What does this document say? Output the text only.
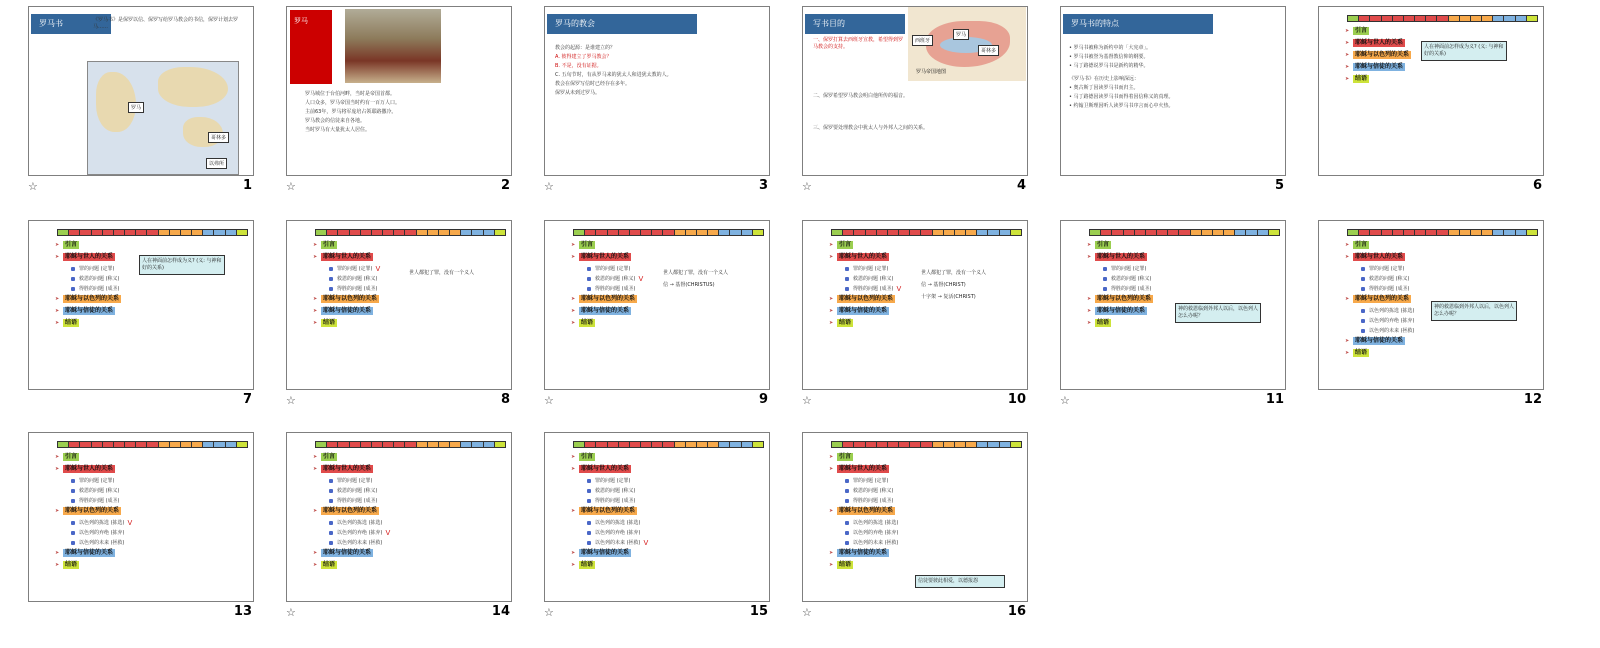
罗马书	《罗马书》是保罗以信、保罗写给罗马教会的书信，保罗计划去罗马……
罗马
哥林多
以弗所
☆	1
罗马
罗马城位于台伯河畔，当时是帝国首都。
人口众多，罗马帝国当时约有一百万人口。
主前63年，罗马将军庞培占领耶路撒冷。
罗马教会的信徒来自各地。
当时罗马有大量犹太人居住。
☆	2
罗马的教会
教会的起源：是谁建立的？
A. 彼得建立了罗马教会？
B. 不是，没有证据。
C. 五旬节时，有从罗马来的犹太人和进犹太教的人。
教会在保罗写信时已经存在多年。
保罗从未到过罗马。
☆	3
写书目的
西班牙
罗马
哥林多
罗马帝国地图
一、保罗打算去西班牙宣教，希望得到罗马教会的支持。
二、保罗希望罗马教会明白他所传的福音。
三、保罗要处理教会中犹太人与外邦人之间的关系。
☆	4
罗马书的特点
• 罗马书被称为新约中的「大宪章」。
• 罗马书被誉为基督教信仰的纲要。
• 马丁路德说罗马书是新约的精华。
《罗马书》在历史上影响深远：
• 奥古斯丁因读罗马书而归主。
• 马丁路德因读罗马书而得着因信称义的真理。
• 约翰卫斯理因听人读罗马书序言而心中火热。
5
➤ 引言
➤ 耶稣与世人的关系
➤ 耶稣与以色列的关系
➤ 耶稣与信徒的关系
➤ 结语
人在神面前怎样成为义? (义: 与神和好的关系)
6
➤ 引言
➤ 耶稣与世人的关系
罪的问题 (定罪)
救恩的问题 (称义)
得胜的问题 (成圣)
➤ 耶稣与以色列的关系
➤ 耶稣与信徒的关系
➤ 结语
人在神面前怎样成为义? (义: 与神和好的关系)
7
➤ 引言
➤ 耶稣与世人的关系
罪的问题 (定罪) V
救恩的问题 (称义)
得胜的问题 (成圣)
➤ 耶稣与以色列的关系
➤ 耶稣与信徒的关系
➤ 结语
世人都犯了罪，没有一个义人
☆	8
➤ 引言
➤ 耶稣与世人的关系
罪的问题 (定罪)
救恩的问题 (称义) V
得胜的问题 (成圣)
➤ 耶稣与以色列的关系
➤ 耶稣与信徒的关系
➤ 结语
世人都犯了罪，没有一个义人
信 → 基督(CHRISTUS)
☆	9
➤ 引言
➤ 耶稣与世人的关系
罪的问题 (定罪)
救恩的问题 (称义)
得胜的问题 (成圣) V
➤ 耶稣与以色列的关系
➤ 耶稣与信徒的关系
➤ 结语
世人都犯了罪，没有一个义人
信 → 基督(CHRIST)
十字架 → 复活(CHRIST)
☆	10
➤ 引言
➤ 耶稣与世人的关系
罪的问题 (定罪)
救恩的问题 (称义)
得胜的问题 (成圣)
➤ 耶稣与以色列的关系
➤ 耶稣与信徒的关系
➤ 结语
神的救恩临到外邦人以后，以色列人怎么办呢？
☆	11
➤ 引言
➤ 耶稣与世人的关系
罪的问题 (定罪)
救恩的问题 (称义)
得胜的问题 (成圣)
➤ 耶稣与以色列的关系
以色列的拣选 (拣选)
以色列的弃绝 (拣弃)
以色列的未来 (拯救)
➤ 耶稣与信徒的关系
➤ 结语
神的救恩临到外邦人以后，以色列人怎么办呢？
12
➤ 引言
➤ 耶稣与世人的关系
罪的问题 (定罪)
救恩的问题 (称义)
得胜的问题 (成圣)
➤ 耶稣与以色列的关系
以色列的拣选 (拣选) V
以色列的弃绝 (拣弃)
以色列的未来 (拯救)
➤ 耶稣与信徒的关系
➤ 结语
13
➤ 引言
➤ 耶稣与世人的关系
罪的问题 (定罪)
救恩的问题 (称义)
得胜的问题 (成圣)
➤ 耶稣与以色列的关系
以色列的拣选 (拣选)
以色列的弃绝 (拣弃) V
以色列的未来 (拯救)
➤ 耶稣与信徒的关系
➤ 结语
☆	14
➤ 引言
➤ 耶稣与世人的关系
罪的问题 (定罪)
救恩的问题 (称义)
得胜的问题 (成圣)
➤ 耶稣与以色列的关系
以色列的拣选 (拣选)
以色列的弃绝 (拣弃)
以色列的未来 (拯救) V
➤ 耶稣与信徒的关系
➤ 结语
☆	15
➤ 引言
➤ 耶稣与世人的关系
罪的问题 (定罪)
救恩的问题 (称义)
得胜的问题 (成圣)
➤ 耶稣与以色列的关系
以色列的拣选 (拣选)
以色列的弃绝 (拣弃)
以色列的未来 (拯救)
➤ 耶稣与信徒的关系
➤ 结语
信徒要彼此相爱，以德报怨
☆	16
